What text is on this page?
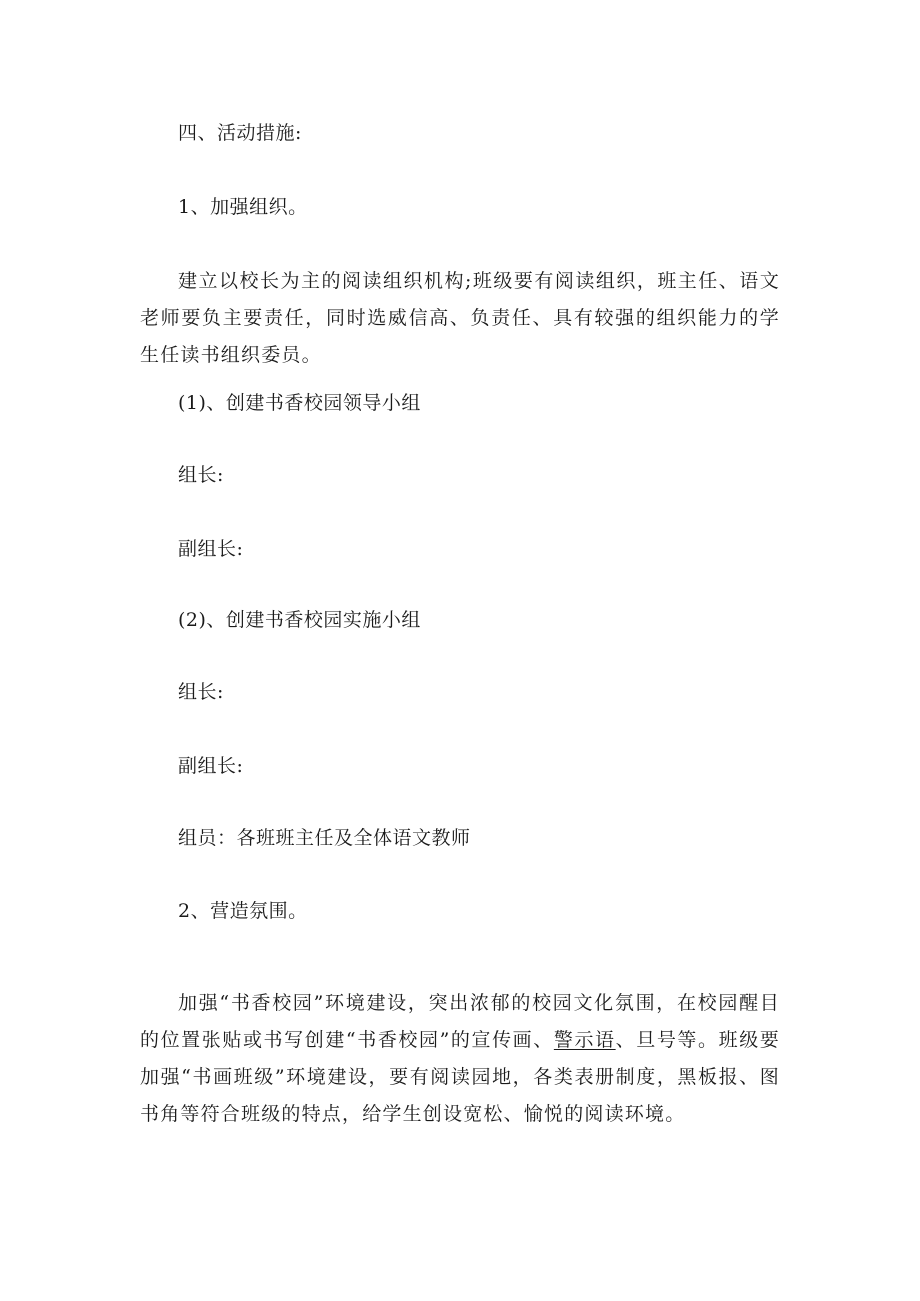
四、活动措施:
1、加强组织。
建立以校长为主的阅读组织机构;班级要有阅读组织，班主任、语文老师要负主要责任，同时选威信高、负责任、具有较强的组织能力的学生任读书组织委员。
(1)、创建书香校园领导小组
组长:
副组长:
(2)、创建书香校园实施小组
组长:
副组长:
组员：各班班主任及全体语文教师
2、营造氛围。
加强“书香校园”环境建设，突出浓郁的校园文化氛围，在校园醒目的位置张贴或书写创建“书香校园”的宣传画、警示语、旦号等。班级要加强“书画班级”环境建设，要有阅读园地，各类表册制度，黑板报、图书角等符合班级的特点，给学生创设宽松、愉悦的阅读环境。
